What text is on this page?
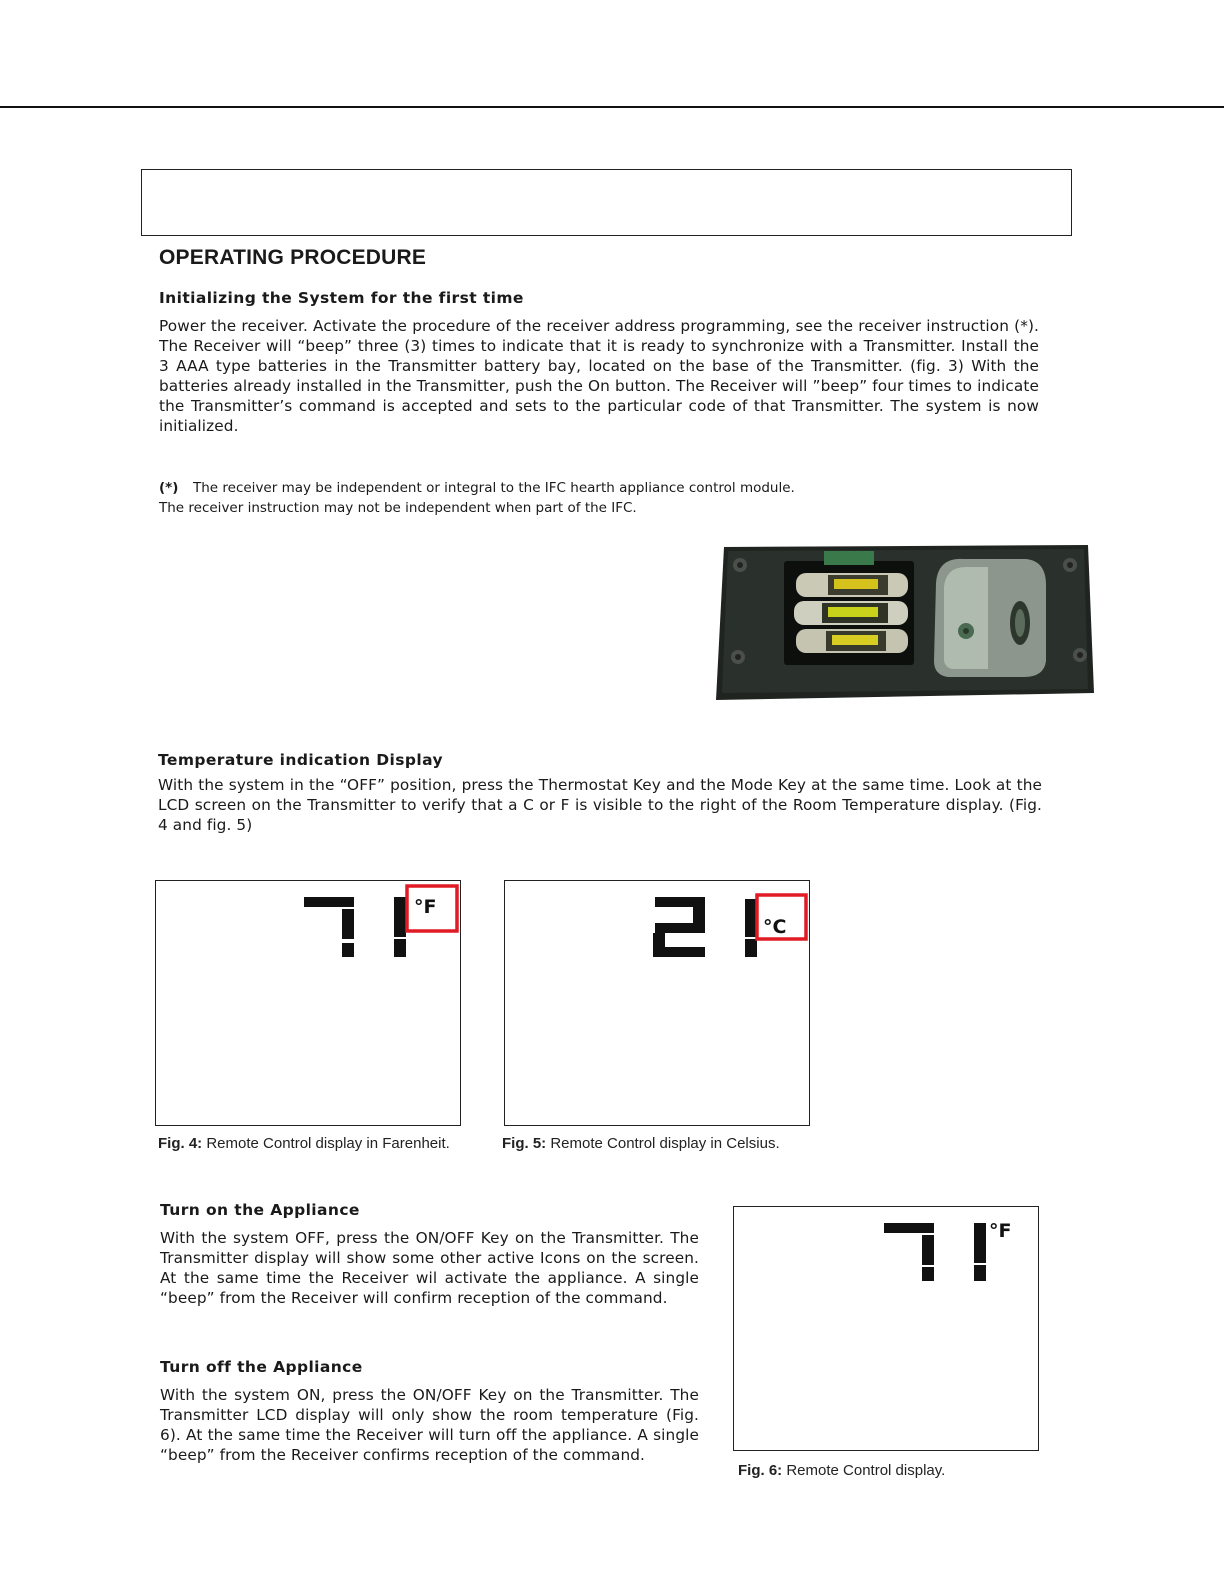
OPERATING PROCEDURE
Initializing the System for the first time
Power the receiver. Activate the procedure of the receiver address programming, see the receiver instruction (*). The Receiver will “beep” three (3) times to indicate that it is ready to synchronize with a Transmitter. Install the 3 AAA type batteries in the Transmitter battery bay, located on the base of the Transmitter. (fig. 3) With the batteries already installed in the Transmitter, push the On button. The Receiver will ”beep” four times to indicate the Transmitter’s command is accepted and sets to the particular code of that Transmitter. The system is now initialized.
(*) The receiver may be independent or integral to the IFC hearth appliance control module. The receiver instruction may not be independent when part of the IFC.
Temperature indication Display
With the system in the “OFF” position, press the Thermostat Key and the Mode Key at the same time. Look at the LCD screen on the Transmitter to verify that a C or F is visible to the right of the Room Temperature display. (Fig. 4 and fig. 5)
°F
Fig. 4: Remote Control display in Farenheit.
°C
Fig. 5: Remote Control display in Celsius.
Turn on the Appliance
With the system OFF, press the ON/OFF Key on the Transmitter. The Transmitter display will show some other active Icons on the screen. At the same time the Receiver wil activate the appliance. A single “beep” from the Receiver will confirm reception of the command.
Turn off the Appliance
With the system ON, press the ON/OFF Key on the Transmitter. The Transmitter LCD display will only show the room temperature (Fig. 6). At the same time the Receiver will turn off the appliance. A single “beep” from the Receiver confirms reception of the command.
°F
Fig. 6: Remote Control display.
